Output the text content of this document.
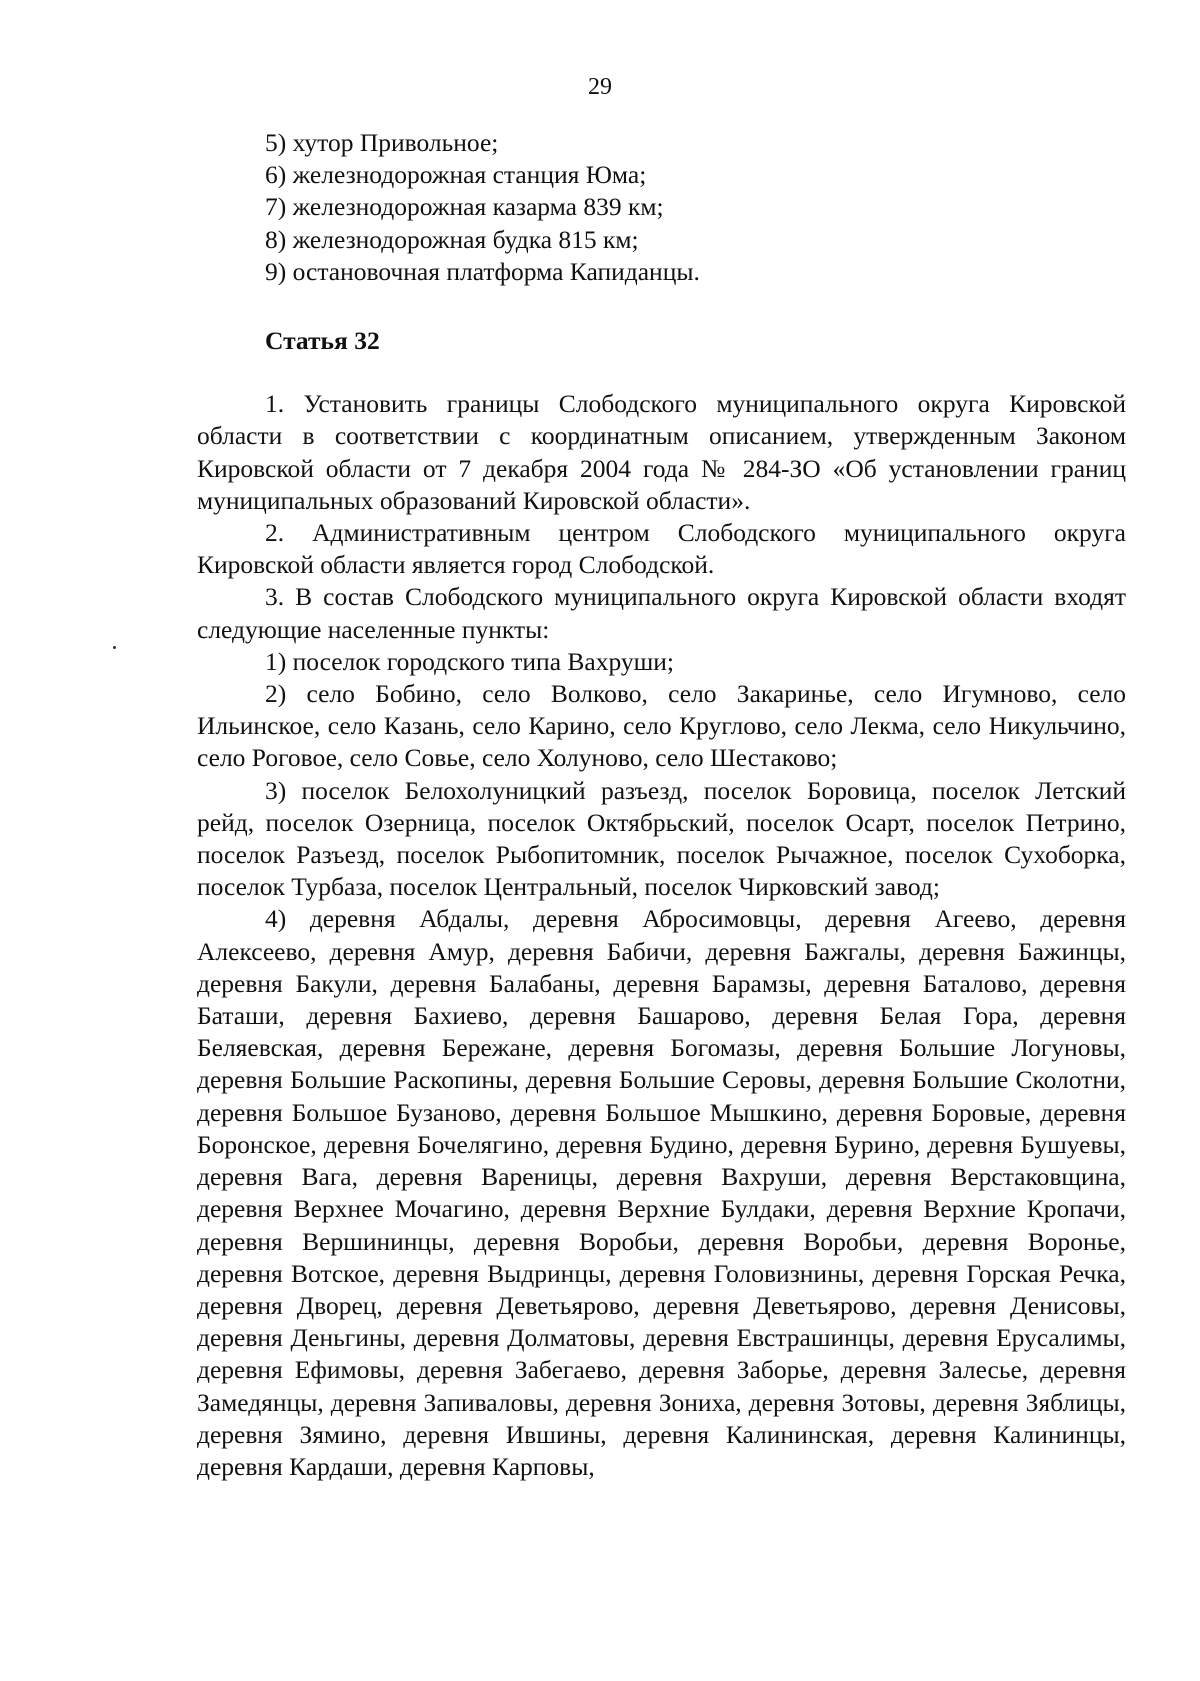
29

5) хутор Привольное;

6) железнодорожная станция Юма;

7) железнодорожная казарма 839 км;

8) железнодорожная будка 815 км;

9) остановочная платформа Капиданцы.

Статья 32

1. Установить границы Слободского муниципального округа Кировской области в соответствии с координатным описанием, утвержденным Законом Кировской области от 7 декабря 2004 года № 284-ЗО «Об установлении границ муниципальных образований Кировской области».

2. Административным центром Слободского муниципального округа Кировской области является город Слободской.

3. В состав Слободского муниципального округа Кировской области входят следующие населенные пункты:

1) поселок городского типа Вахруши;

2) село Бобино, село Волково, село Закаринье, село Игумново, село Ильинское, село Казань, село Карино, село Круглово, село Лекма, село Никульчино, село Роговое, село Совье, село Холуново, село Шестаково;

3) поселок Белохолуницкий разъезд, поселок Боровица, поселок Летский рейд, поселок Озерница, поселок Октябрьский, поселок Осарт, поселок Петрино, поселок Разъезд, поселок Рыбопитомник, поселок Рычажное, поселок Сухоборка, поселок Турбаза, поселок Центральный, поселок Чирковский завод;

4) деревня Абдалы, деревня Абросимовцы, деревня Агеево, деревня Алексеево, деревня Амур, деревня Бабичи, деревня Бажгалы, деревня Бажинцы, деревня Бакули, деревня Балабаны, деревня Барамзы, деревня Баталово, деревня Баташи, деревня Бахиево, деревня Башарово, деревня Белая Гора, деревня Беляевская, деревня Бережане, деревня Богомазы, деревня Большие Логуновы, деревня Большие Раскопины, деревня Большие Серовы, деревня Большие Сколотни, деревня Большое Бузаново, деревня Большое Мышкино, деревня Боровые, деревня Боронское, деревня Бочелягино, деревня Будино, деревня Бурино, деревня Бушуевы, деревня Вага, деревня Вареницы, деревня Вахруши, деревня Верстаковщина, деревня Верхнее Мочагино, деревня Верхние Булдаки, деревня Верхние Кропачи, деревня Вершининцы, деревня Воробьи, деревня Воробьи, деревня Воронье, деревня Вотское, деревня Выдринцы, деревня Головизнины, деревня Горская Речка, деревня Дворец, деревня Деветьярово, деревня Деветьярово, деревня Денисовы, деревня Деньгины, деревня Долматовы, деревня Евстрашинцы, деревня Ерусалимы, деревня Ефимовы, деревня Забегаево, деревня Заборье, деревня Залесье, деревня Замедянцы, деревня Запиваловы, деревня Зониха, деревня Зотовы, деревня Зяблицы, деревня Зямино, деревня Ившины, деревня Калининская, деревня Калининцы, деревня Кардаши, деревня Карповы,
